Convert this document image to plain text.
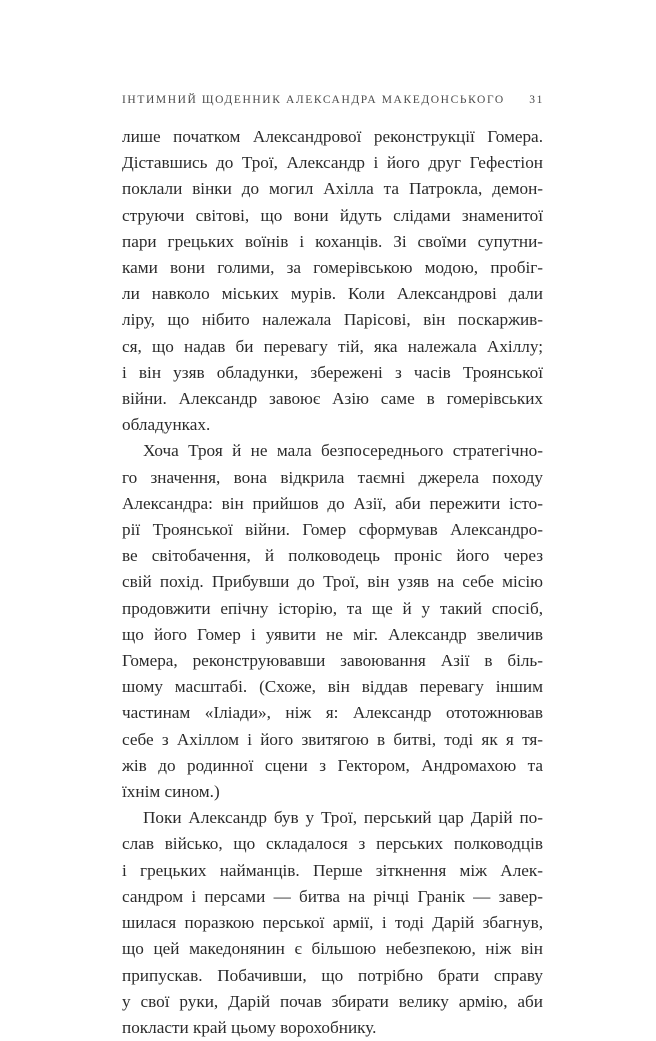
ІНТИМНИЙ ЩОДЕННИК АЛЕКСАНДРА МАКЕДОНСЬКОГО 31
лише початком Александрової реконструкції Гомера.
Діставшись до Трої, Александр і його друг Гефестіон
поклали вінки до могил Ахілла та Патрокла, демон-
струючи світові, що вони йдуть слідами знаменитої
пари грецьких воїнів і коханців. Зі своїми супутни-
ками вони голими, за гомерівською модою, пробіг-
ли навколо міських мурів. Коли Александрові дали
ліру, що нібито належала Парісові, він поскаржив-
ся, що надав би перевагу тій, яка належала Ахіллу;
і він узяв обладунки, збережені з часів Троянської
війни. Александр завоює Азію саме в гомерівських
обладунках.
Хоча Троя й не мала безпосереднього стратегічно-
го значення, вона відкрила таємні джерела походу
Александра: він прийшов до Азії, аби пережити істо-
рії Троянської війни. Гомер сформував Александро-
ве світобачення, й полководець проніс його через
свій похід. Прибувши до Трої, він узяв на себе місію
продовжити епічну історію, та ще й у такий спосіб,
що його Гомер і уявити не міг. Александр звеличив
Гомера, реконструювавши завоювання Азії в біль-
шому масштабі. (Схоже, він віддав перевагу іншим
частинам «Іліади», ніж я: Александр ототожнював
себе з Ахіллом і його звитягою в битві, тоді як я тя-
жів до родинної сцени з Гектором, Андромахою та
їхнім сином.)
Поки Александр був у Трої, перський цар Дарій по-
слав військо, що складалося з перських полководців
і грецьких найманців. Перше зіткнення між Алек-
сандром і персами — битва на річці Гранік — завер-
шилася поразкою перської армії, і тоді Дарій збагнув,
що цей македонянин є більшою небезпекою, ніж він
припускав. Побачивши, що потрібно брати справу
у свої руки, Дарій почав збирати велику армію, аби
покласти край цьому ворохобнику.
